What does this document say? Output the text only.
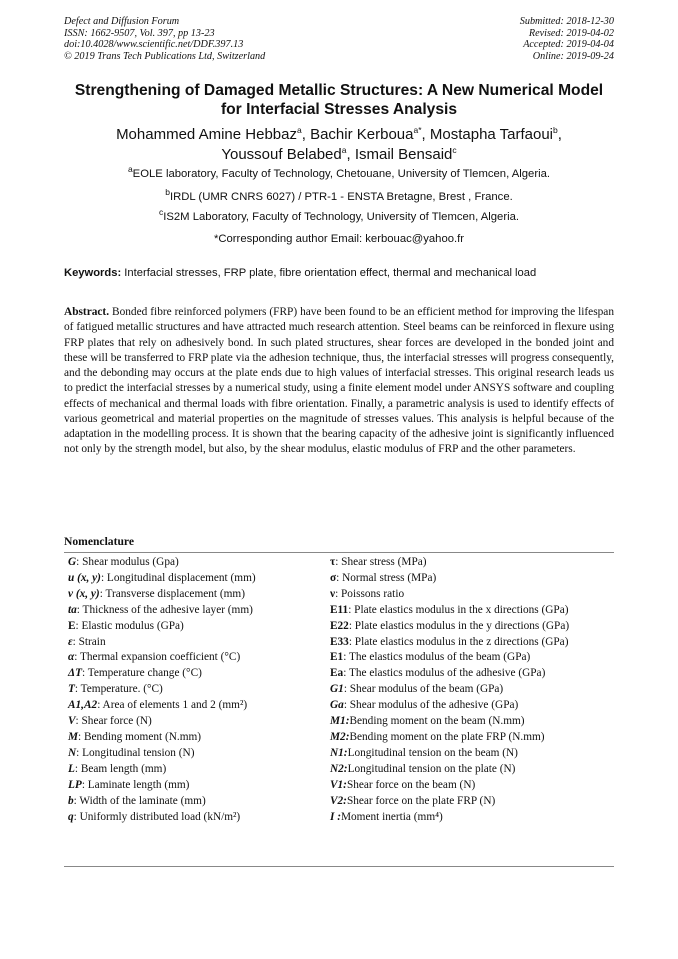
Defect and Diffusion Forum
ISSN: 1662-9507, Vol. 397, pp 13-23
doi:10.4028/www.scientific.net/DDF.397.13
© 2019 Trans Tech Publications Ltd, Switzerland
Submitted: 2018-12-30
Revised: 2019-04-02
Accepted: 2019-04-04
Online: 2019-09-24
Strengthening of Damaged Metallic Structures: A New Numerical Model
for Interfacial Stresses Analysis
Mohammed Amine Hebbaz$^a$, Bachir Kerboua$^{a*}$, Mostapha Tarfaoui$^b$,
Youssouf Belabed$^a$, Ismail Bensaid$^c$
$^a$EOLE laboratory, Faculty of Technology, Chetouane, University of Tlemcen, Algeria.
$^b$IRDL (UMR CNRS 6027) / PTR-1 - ENSTA Bretagne, Brest , France.
$^c$IS2M Laboratory, Faculty of Technology, University of Tlemcen, Algeria.
*Corresponding author Email: kerbouac@yahoo.fr
Keywords: Interfacial stresses, FRP plate, fibre orientation effect, thermal and mechanical load
Abstract. Bonded fibre reinforced polymers (FRP) have been found to be an efficient method for improving the lifespan of fatigued metallic structures and have attracted much research attention. Steel beams can be reinforced in flexure using FRP plates that rely on adhesively bond. In such plated structures, shear forces are developed in the bonded joint and these will be transferred to FRP plate via the adhesion technique, thus, the interfacial stresses will progress consequently, and the debonding may occurs at the plate ends due to high values of interfacial stresses. This original research leads us to predict the interfacial stresses by a numerical study, using a finite element model under ANSYS software and coupling effects of mechanical and thermal loads with fibre orientation. Finally, a parametric analysis is used to identify effects of various geometrical and material properties on the magnitude of stresses values. This analysis is helpful because of the adaptation in the modelling process. It is shown that the bearing capacity of the adhesive joint is significantly influenced not only by the strength model, but also, by the shear modulus, elastic modulus of FRP and the other parameters.
Nomenclature
G : Shear modulus (Gpa)
u (x, y) : Longitudinal displacement (mm)
v (x, y) : Transverse displacement (mm)
ta : Thickness of the adhesive layer (mm)
E : Elastic modulus (GPa)
ε : Strain
α : Thermal expansion coefficient (°C)
ΔT : Temperature change (°C)
T : Temperature. (°C)
A1,A2 : Area of elements 1 and 2 (mm²)
V : Shear force (N)
M : Bending moment (N.mm)
N : Longitudinal tension (N)
L : Beam length (mm)
LP : Laminate length (mm)
b : Width of the laminate (mm)
q : Uniformly distributed load (kN/m²)
τ : Shear stress (MPa)
σ : Normal stress (MPa)
ν : Poissons ratio
E11: Plate elastics modulus in the x directions (GPa)
E22: Plate elastics modulus in the y directions (GPa)
E33: Plate elastics modulus in the z directions (GPa)
E1 : The elastics modulus of the beam (GPa)
Ea: The elastics modulus of the adhesive (GPa)
G1 : Shear modulus of the beam (GPa)
Ga : Shear modulus of the adhesive (GPa)
M1: Bending moment on the beam (N.mm)
M2: Bending moment on the plate FRP (N.mm)
N1: Longitudinal tension on the beam (N)
N2: Longitudinal tension on the plate (N)
V1: Shear force on the beam (N)
V2: Shear force on the plate FRP (N)
I : Moment inertia (mm⁴)
